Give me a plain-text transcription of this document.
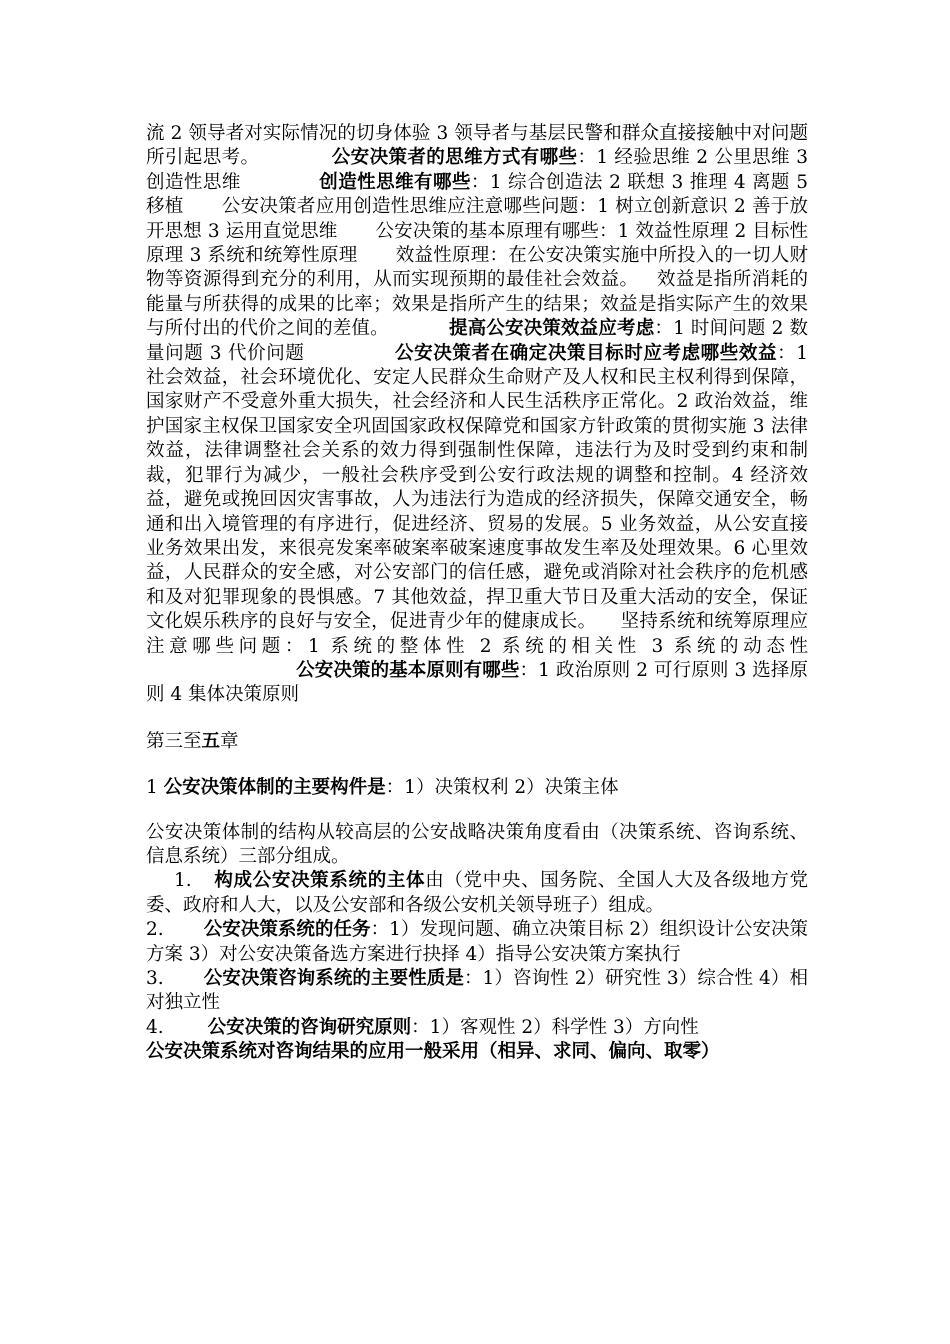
流 2 领导者对实际情况的切身体验 3 领导者与基层民警和群众直接接触中对问题所引起思考。	公安决策者的思维方式有哪些：1 经验思维 2 公里思维 3 创造性思维	创造性思维有哪些：1 综合创造法 2 联想 3 推理 4 离题 5 移植 公安决策者应用创造性思维应注意哪些问题：1 树立创新意识 2 善于放开思想 3 运用直觉思维 公安决策的基本原理有哪些：1 效益性原理 2 目标性原理 3 系统和统筹性原理 效益性原理：在公安决策实施中所投入的一切人财物等资源得到充分的利用，从而实现预期的最佳社会效益。 效益是指所消耗的能量与所获得的成果的比率；效果是指所产生的结果；效益是指实际产生的效果与所付出的代价之间的差值。	提高公安决策效益应考虑：1 时间问题 2 数量问题 3 代价问题	公安决策者在确定决策目标时应考虑哪些效益：1 社会效益，社会环境优化、安定人民群众生命财产及人权和民主权利得到保障，国家财产不受意外重大损失，社会经济和人民生活秩序正常化。2 政治效益，维护国家主权保卫国家安全巩固国家政权保障党和国家方针政策的贯彻实施 3 法律效益，法律调整社会关系的效力得到强制性保障，违法行为及时受到约束和制裁，犯罪行为减少，一般社会秩序受到公安行政法规的调整和控制。4 经济效益，避免或挽回因灾害事故，人为违法行为造成的经济损失，保障交通安全，畅通和出入境管理的有序进行，促进经济、贸易的发展。5 业务效益，从公安直接业务效果出发，来很亮发案率破案率破案速度事故发生率及处理效果。6 心里效益，人民群众的安全感，对公安部门的信任感，避免或消除对社会秩序的危机感和及对犯罪现象的畏惧感。7 其他效益，捍卫重大节日及重大活动的安全，保证文化娱乐秩序的良好与安全，促进青少年的健康成长。 坚持系统和统筹原理应注意哪些问题：1 系统的整体性 2 系统的相关性 3 系统的动态性公安决策的基本原则有哪些：1 政治原则 2 可行原则 3 选择原则 4 集体决策原则

第三至五章

1 公安决策体制的主要构件是：1）决策权利 2）决策主体

公安决策体制的结构从较高层的公安战略决策角度看由（决策系统、咨询系统、信息系统）三部分组成。

1. 构成公安决策系统的主体由（党中央、国务院、全国人大及各级地方党委、政府和人大，以及公安部和各级公安机关领导班子）组成。

2. 公安决策系统的任务：1）发现问题、确立决策目标 2）组织设计公安决策方案 3）对公安决策备选方案进行抉择 4）指导公安决策方案执行

3. 公安决策咨询系统的主要性质是：1）咨询性 2）研究性 3）综合性 4）相对独立性

4. 公安决策的咨询研究原则：1）客观性 2）科学性 3）方向性

公安决策系统对咨询结果的应用一般采用（相异、求同、偏向、取零）
